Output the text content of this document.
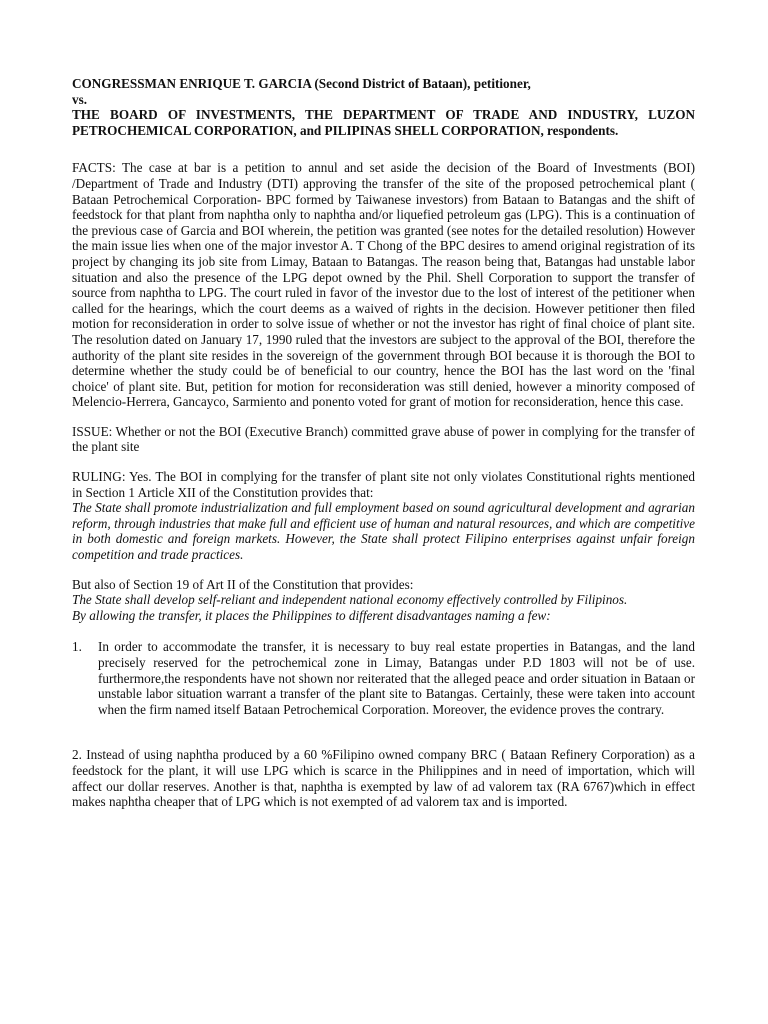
CONGRESSMAN ENRIQUE T. GARCIA (Second District of Bataan), petitioner,

vs.

THE BOARD OF INVESTMENTS, THE DEPARTMENT OF TRADE AND INDUSTRY, LUZON PETROCHEMICAL CORPORATION, and PILIPINAS SHELL CORPORATION, respondents.

FACTS: The case at bar is a petition to annul and set aside the decision of the Board of Investments (BOI) /Department of Trade and Industry (DTI) approving the transfer of the site of the proposed petrochemical plant ( Bataan Petrochemical Corporation- BPC formed by Taiwanese investors) from Bataan to Batangas and the shift of feedstock for that plant from naphtha only to naphtha and/or liquefied petroleum gas (LPG). This is a continuation of the previous case of Garcia and BOI wherein, the petition was granted (see notes for the detailed resolution) However the main issue lies when one of the major investor A. T Chong of the BPC desires to amend original registration of its project by changing its job site from Limay, Bataan to Batangas. The reason being that, Batangas had unstable labor situation and also the presence of the LPG depot owned by the Phil. Shell Corporation to support the transfer of source from naphtha to LPG. The court ruled in favor of the investor due to the lost of interest of the petitioner when called for the hearings, which the court deems as a waived of rights in the decision. However petitioner then filed motion for reconsideration in order to solve issue of whether or not the investor has right of final choice of plant site. The resolution dated on January 17, 1990 ruled that the investors are subject to the approval of the BOI, therefore the authority of the plant site resides in the sovereign of the government through BOI because it is thorough the BOI to determine whether the study could be of beneficial to our country, hence the BOI has the last word on the 'final choice' of plant site. But, petition for motion for reconsideration was still denied, however a minority composed of Melencio-Herrera, Gancayco, Sarmiento and ponento voted for grant of motion for reconsideration, hence this case.

ISSUE: Whether or not the BOI (Executive Branch) committed grave abuse of power in complying for the transfer of the plant site

RULING: Yes. The BOI in complying for the transfer of plant site not only violates Constitutional rights mentioned in Section 1 Article XII of the Constitution provides that:

The State shall promote industrialization and full employment based on sound agricultural development and agrarian reform, through industries that make full and efficient use of human and natural resources, and which are competitive in both domestic and foreign markets. However, the State shall protect Filipino enterprises against unfair foreign competition and trade practices.

But also of Section 19 of Art II of the Constitution that provides:

The State shall develop self-reliant and independent national economy effectively controlled by Filipinos.

By allowing the transfer, it places the Philippines to different disadvantages naming a few:

1.	In order to accommodate the transfer, it is necessary to buy real estate properties in Batangas, and the land precisely reserved for the petrochemical zone in Limay, Batangas under P.D 1803 will not be of use. furthermore,the respondents have not shown nor reiterated that the alleged peace and order situation in Bataan or unstable labor situation warrant a transfer of the plant site to Batangas. Certainly, these were taken into account when the firm named itself Bataan Petrochemical Corporation. Moreover, the evidence proves the contrary.

2. Instead of using naphtha produced by a 60 %Filipino owned company BRC ( Bataan Refinery Corporation) as a feedstock for the plant, it will use LPG which is scarce in the Philippines and in need of importation, which will affect our dollar reserves. Another is that, naphtha is exempted by law of ad valorem tax (RA 6767)which in effect makes naphtha cheaper that of LPG which is not exempted of ad valorem tax and is imported.
